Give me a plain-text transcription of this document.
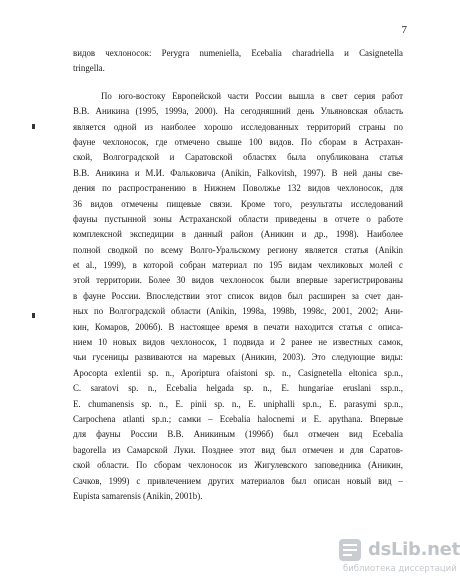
7
видов чехлоносок: Perygra numeniella, Ecebalia charadriella и Casignetella
tringella.
По юго-востоку Европейской части России вышла в свет серия работ
В.В. Аникина (1995, 1999а, 2000). На сегодняшний день Ульяновская область
является одной из наиболее хорошо исследованных территорий страны по
фауне чехлоносок, где отмечено свыше 100 видов. По сборам в Астрахан-
ской, Волгоградской и Саратовской областях была опубликована статья
В.В. Аникина и М.И. Фальковича (Anikin, Falkovitsh, 1997). В ней даны све-
дения по распространению в Нижнем Поволжье 132 видов чехлоносок, для
36 видов отмечены пищевые связи. Кроме того, результаты исследований
фауны пустынной зоны Астраханской области приведены в отчете о работе
комплексной экспедиции в данный район (Аникин и др., 1998). Наиболее
полной сводкой по всему Волго-Уральскому региону является статья (Anikin
et al., 1999), в которой собран материал по 195 видам чехликовых молей с
этой территории. Более 30 видов чехлоносок были впервые зарегистрированы
в фауне России. Впоследствии этот список видов был расширен за счет дан-
ных по Волгоградской области (Anikin, 1998а, 1998b, 1998с, 2001, 2002; Ани-
кин, Комаров, 2006б). В настоящее время в печати находится статья с описа-
нием 10 новых видов чехлоносок, 1 подвида и 2 ранее не известных самок,
чьи гусеницы развиваются на маревых (Аникин, 2003). Это следующие виды:
Apocopta exlentii sp. n., Aporiptura ofaistoni sp. n., Casignetella eltonica sp.n.,
C. saratovi sp. n., Ecebalia helgada sp. n., E. hungariae eruslani ssp.n.,
E. chumanensis sp. n., E. pinii sp. n., E. uniphalli sp.n., E. parasymi sp.n.,
Carpochena atlanti sp.n.; самки – Ecebalia halocnemi и E. apythana. Впервые
для фауны России В.В. Аникиным (1996б) был отмечен вид Ecebalia
bagorella из Самарской Луки. Позднее этот вид был отмечен и для Саратов-
ской области. По сборам чехлоносок из Жигулевского заповедника (Аникин,
Сачков, 1999) с привлечением других материалов был описан новый вид –
Eupista samarensis (Anikin, 2001b).
dsLib.net
библиотека диссертаций
